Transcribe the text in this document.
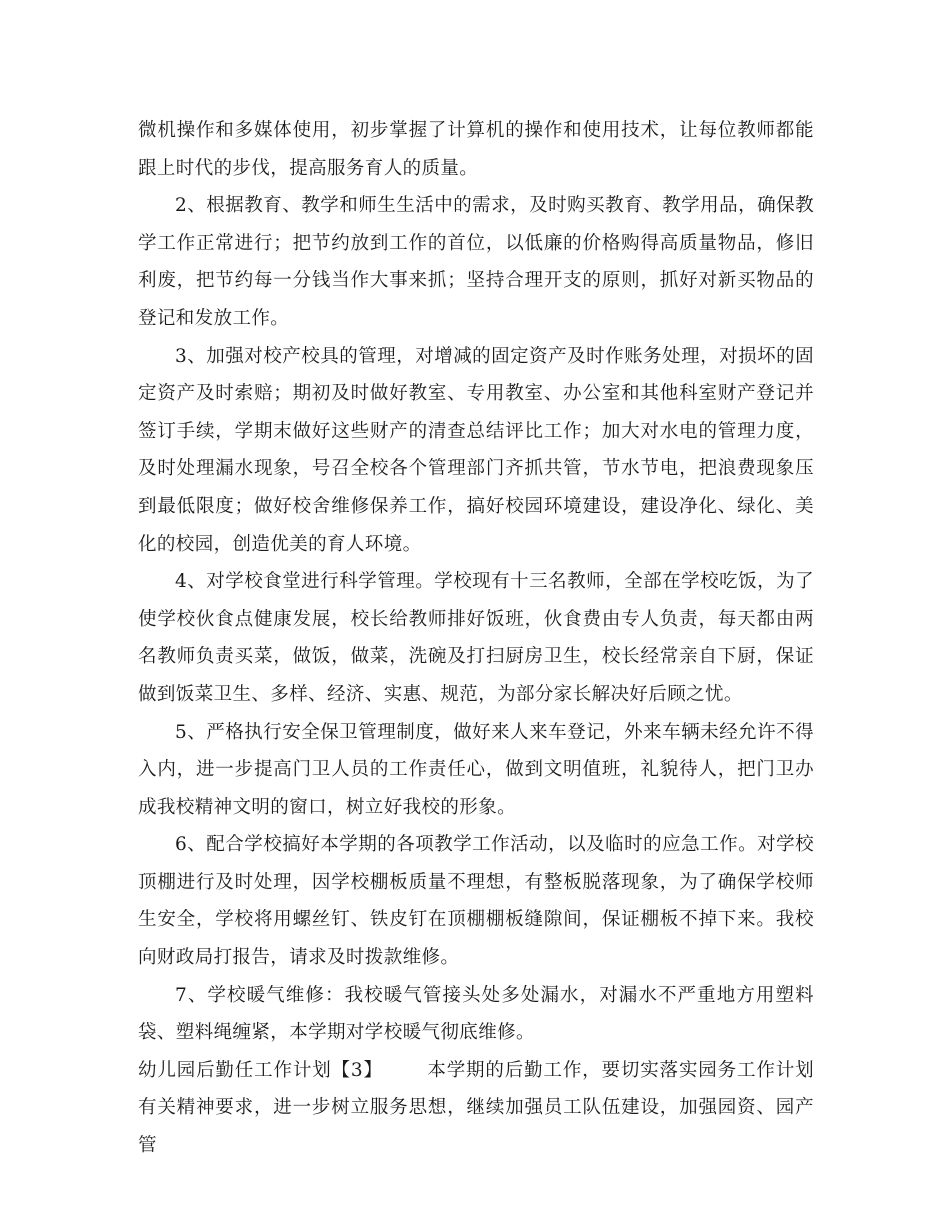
微机操作和多媒体使用，初步掌握了计算机的操作和使用技术，让每位教师都能跟上时代的步伐，提高服务育人的质量。

2、根据教育、教学和师生生活中的需求，及时购买教育、教学用品，确保教学工作正常进行；把节约放到工作的首位，以低廉的价格购得高质量物品，修旧利废，把节约每一分钱当作大事来抓；坚持合理开支的原则，抓好对新买物品的登记和发放工作。

3、加强对校产校具的管理，对增减的固定资产及时作账务处理，对损坏的固定资产及时索赔；期初及时做好教室、专用教室、办公室和其他科室财产登记并签订手续，学期末做好这些财产的清查总结评比工作；加大对水电的管理力度，及时处理漏水现象，号召全校各个管理部门齐抓共管，节水节电，把浪费现象压到最低限度；做好校舍维修保养工作，搞好校园环境建设，建设净化、绿化、美化的校园，创造优美的育人环境。

4、对学校食堂进行科学管理。学校现有十三名教师，全部在学校吃饭，为了使学校伙食点健康发展，校长给教师排好饭班，伙食费由专人负责，每天都由两名教师负责买菜，做饭，做菜，洗碗及打扫厨房卫生，校长经常亲自下厨，保证做到饭菜卫生、多样、经济、实惠、规范，为部分家长解决好后顾之忧。

5、严格执行安全保卫管理制度，做好来人来车登记，外来车辆未经允许不得入内，进一步提高门卫人员的工作责任心，做到文明值班，礼貌待人，把门卫办成我校精神文明的窗口，树立好我校的形象。

6、配合学校搞好本学期的各项教学工作活动，以及临时的应急工作。对学校顶棚进行及时处理，因学校棚板质量不理想，有整板脱落现象，为了确保学校师生安全，学校将用螺丝钉、铁皮钉在顶棚棚板缝隙间，保证棚板不掉下来。我校向财政局打报告，请求及时拨款维修。

7、学校暖气维修：我校暖气管接头处多处漏水，对漏水不严重地方用塑料袋、塑料绳缠紧，本学期对学校暖气彻底维修。

幼儿园后勤任工作计划【3】 本学期的后勤工作，要切实落实园务工作计划有关精神要求，进一步树立服务思想，继续加强员工队伍建设，加强园资、园产管
